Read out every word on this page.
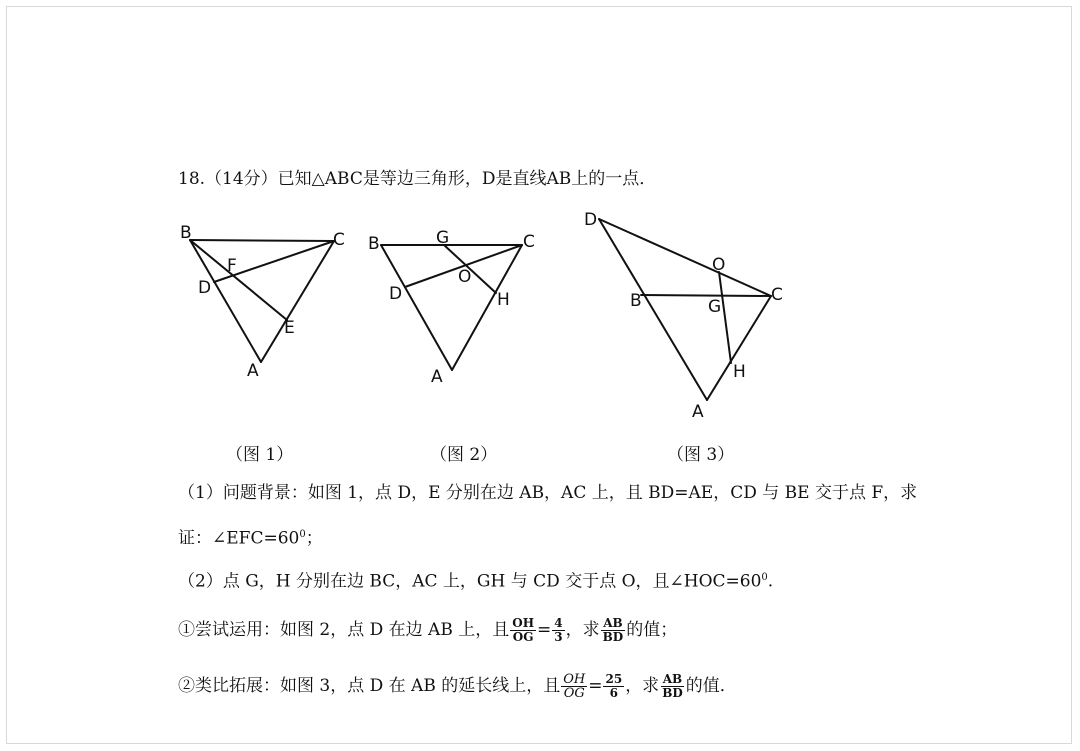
18.（14分）已知△ABC是等边三角形，D是直线AB上的一点．
B	C
F
D
E
A
（图 1）
B	G	C
O
D	H
A
（图 2）
D
O
B	G
C
H
A
（图 3）
（1）问题背景：如图 1，点 D，E 分别在边 AB，AC 上，且 BD=AE，CD 与 BE 交于点 F，求
证：$\angle EFC=60^0$；
（2）点 G，H 分别在边 BC，AC 上，GH 与 CD 交于点 O，且$\angle HOC=60^0$.
①尝试运用：如图 2，点 D 在边 AB 上，且 $\frac{OH}{OG} = \frac{4}{3}$ ，求 $\frac{AB}{BD}$ 的值；
②类比拓展：如图 3，点 D 在 AB 的延长线上，且 $\frac{OH}{OG} = \frac{25}{6}$ ，求 $\frac{AB}{BD}$ 的值．
